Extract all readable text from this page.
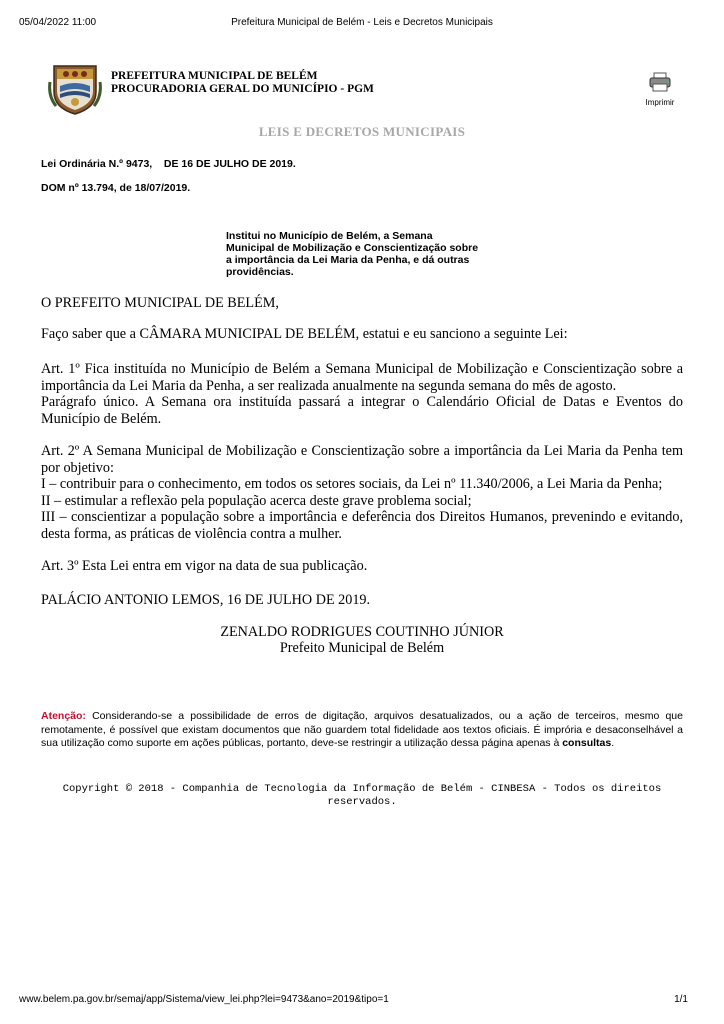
05/04/2022 11:00	Prefeitura Municipal de Belém - Leis e Decretos Municipais
PREFEITURA MUNICIPAL DE BELÉM
PROCURADORIA GERAL DO MUNICÍPIO - PGM
Imprimir
LEIS E DECRETOS MUNICIPAIS
Lei Ordinária N.º 9473,    DE 16 DE JULHO DE 2019.
DOM nº 13.794, de 18/07/2019.
Institui no Município de Belém, a Semana
Municipal de Mobilização e Conscientização sobre
a importância da Lei Maria da Penha, e dá outras
providências.
O PREFEITO MUNICIPAL DE BELÉM,
Faço saber que a CÂMARA MUNICIPAL DE BELÉM, estatui e eu sanciono a seguinte Lei:

Art. 1º Fica instituída no Município de Belém a Semana Municipal de Mobilização e Conscientização sobre a importância da Lei Maria da Penha, a ser realizada anualmente na segunda semana do mês de agosto.

Parágrafo único. A Semana ora instituída passará a integrar o Calendário Oficial de Datas e Eventos do Município de Belém.

Art. 2º A Semana Municipal de Mobilização e Conscientização sobre a importância da Lei Maria da Penha tem por objetivo:

I – contribuir para o conhecimento, em todos os setores sociais, da Lei nº 11.340/2006, a Lei Maria da Penha;

II – estimular a reflexão pela população acerca deste grave problema social;

III – conscientizar a população sobre a importância e deferência dos Direitos Humanos, prevenindo e evitando, desta forma, as práticas de violência contra a mulher.

Art. 3º Esta Lei entra em vigor na data de sua publicação.
PALÁCIO ANTONIO LEMOS, 16 DE JULHO DE 2019.
ZENALDO RODRIGUES COUTINHO JÚNIOR
Prefeito Municipal de Belém
Atenção: Considerando-se a possibilidade de erros de digitação, arquivos desatualizados, ou a ação de terceiros, mesmo que remotamente, é possível que existam documentos que não guardem total fidelidade aos textos oficiais. É imprória e desaconselhável a sua utilização como suporte em ações públicas, portanto, deve-se restringir a utilização dessa página apenas à consultas.
Copyright © 2018 - Companhia de Tecnologia da Informação de Belém - CINBESA - Todos os direitos reservados.
www.belem.pa.gov.br/semaj/app/Sistema/view_lei.php?lei=9473&ano=2019&tipo=1	1/1
